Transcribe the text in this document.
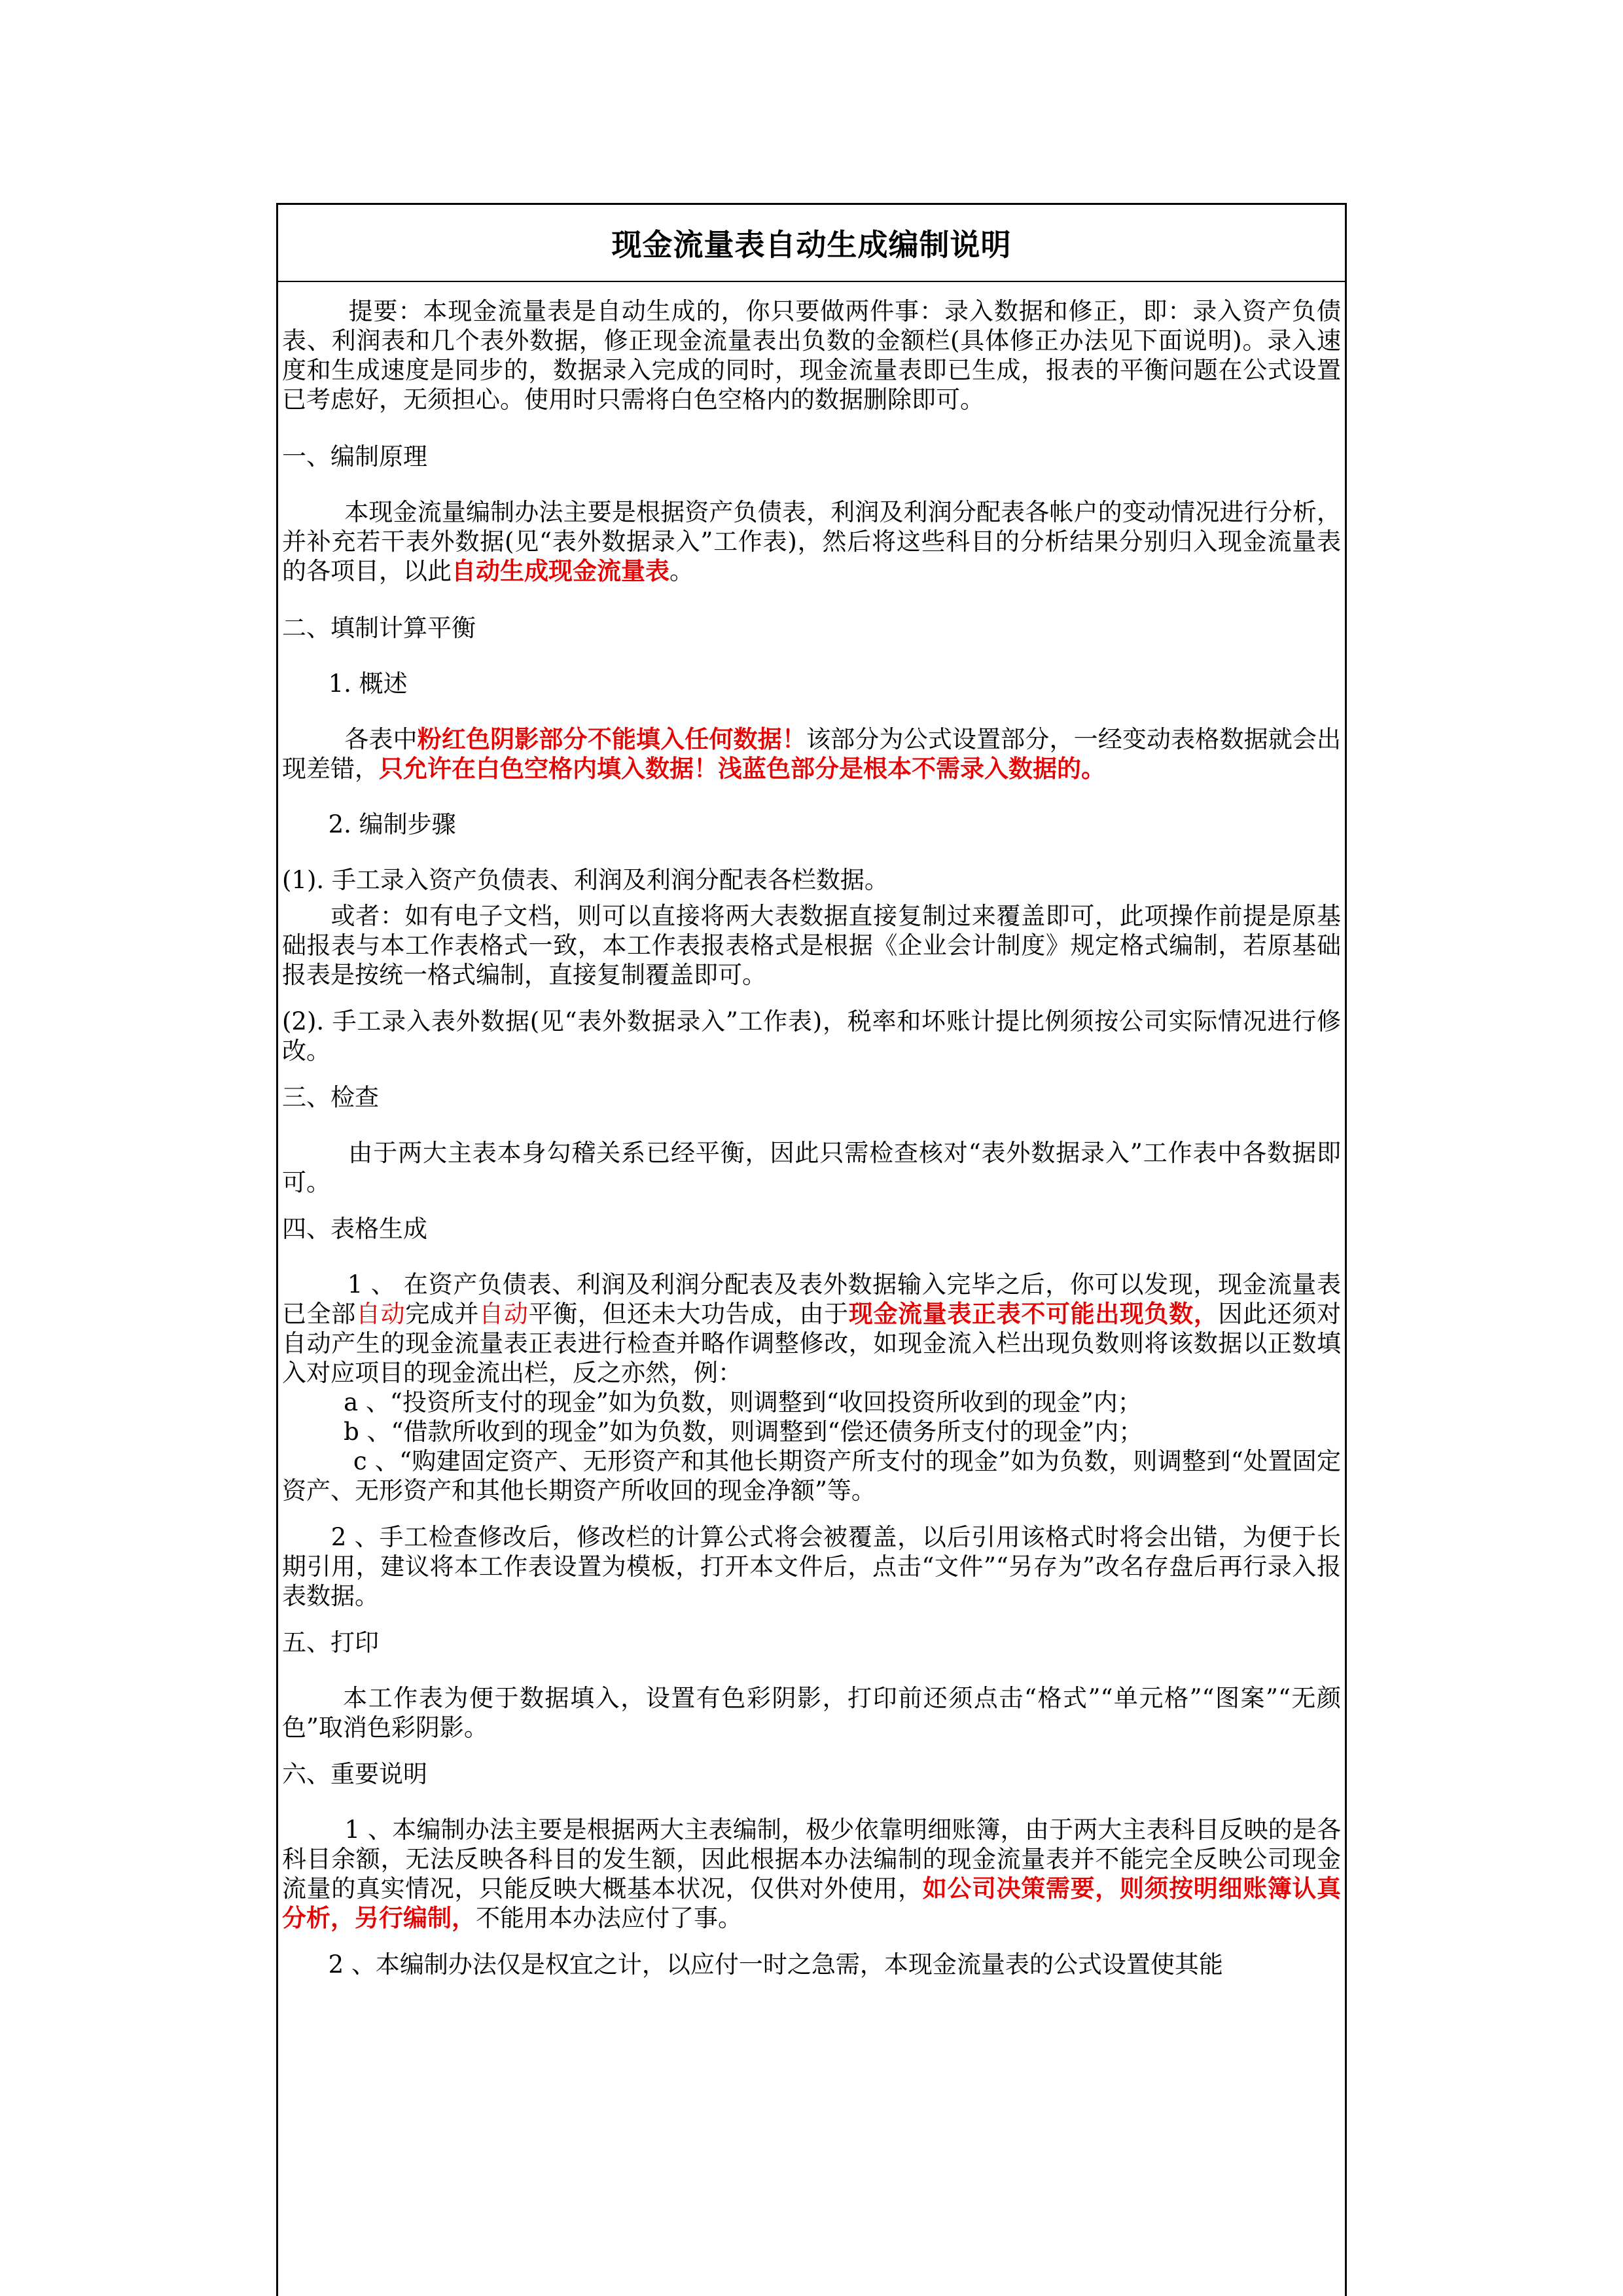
现金流量表自动生成编制说明

提要：本现金流量表是自动生成的，你只要做两件事：录入数据和修正，即：录入资产负债表、利润表和几个表外数据，修正现金流量表出负数的金额栏(具体修正办法见下面说明)。录入速度和生成速度是同步的，数据录入完成的同时，现金流量表即已生成，报表的平衡问题在公式设置已考虑好，无须担心。使用时只需将白色空格内的数据删除即可。

一、编制原理

本现金流量编制办法主要是根据资产负债表，利润及利润分配表各帐户的变动情况进行分析，并补充若干表外数据(见“表外数据录入”工作表)，然后将这些科目的分析结果分别归入现金流量表的各项目，以此自动生成现金流量表。

二、填制计算平衡

1. 概述

各表中粉红色阴影部分不能填入任何数据！该部分为公式设置部分，一经变动表格数据就会出现差错，只允许在白色空格内填入数据！浅蓝色部分是根本不需录入数据的。

2. 编制步骤

(1). 手工录入资产负债表、利润及利润分配表各栏数据。

或者：如有电子文档，则可以直接将两大表数据直接复制过来覆盖即可，此项操作前提是原基础报表与本工作表格式一致，本工作表报表格式是根据《企业会计制度》规定格式编制，若原基础报表是按统一格式编制，直接复制覆盖即可。

(2). 手工录入表外数据(见“表外数据录入”工作表)，税率和坏账计提比例须按公司实际情况进行修改。

三、检查

由于两大主表本身勾稽关系已经平衡，因此只需检查核对“表外数据录入”工作表中各数据即可。

四、表格生成

1 、 在资产负债表、利润及利润分配表及表外数据输入完毕之后，你可以发现，现金流量表已全部自动完成并自动平衡，但还未大功告成，由于现金流量表正表不可能出现负数，因此还须对自动产生的现金流量表正表进行检查并略作调整修改，如现金流入栏出现负数则将该数据以正数填入对应项目的现金流出栏，反之亦然，例：

a 、“投资所支付的现金”如为负数，则调整到“收回投资所收到的现金”内；

b 、“借款所收到的现金”如为负数，则调整到“偿还债务所支付的现金”内；

c 、“购建固定资产、无形资产和其他长期资产所支付的现金”如为负数，则调整到“处置固定资产、无形资产和其他长期资产所收回的现金净额”等。

2 、手工检查修改后，修改栏的计算公式将会被覆盖，以后引用该格式时将会出错，为便于长期引用，建议将本工作表设置为模板，打开本文件后，点击“文件”“另存为”改名存盘后再行录入报表数据。

五、打印

本工作表为便于数据填入，设置有色彩阴影，打印前还须点击“格式”“单元格”“图案”“无颜色”取消色彩阴影。

六、重要说明

1 、本编制办法主要是根据两大主表编制，极少依靠明细账簿，由于两大主表科目反映的是各科目余额，无法反映各科目的发生额，因此根据本办法编制的现金流量表并不能完全反映公司现金流量的真实情况，只能反映大概基本状况，仅供对外使用，如公司决策需要，则须按明细账簿认真分析，另行编制，不能用本办法应付了事。

2 、本编制办法仅是权宜之计，以应付一时之急需，本现金流量表的公式设置使其能
